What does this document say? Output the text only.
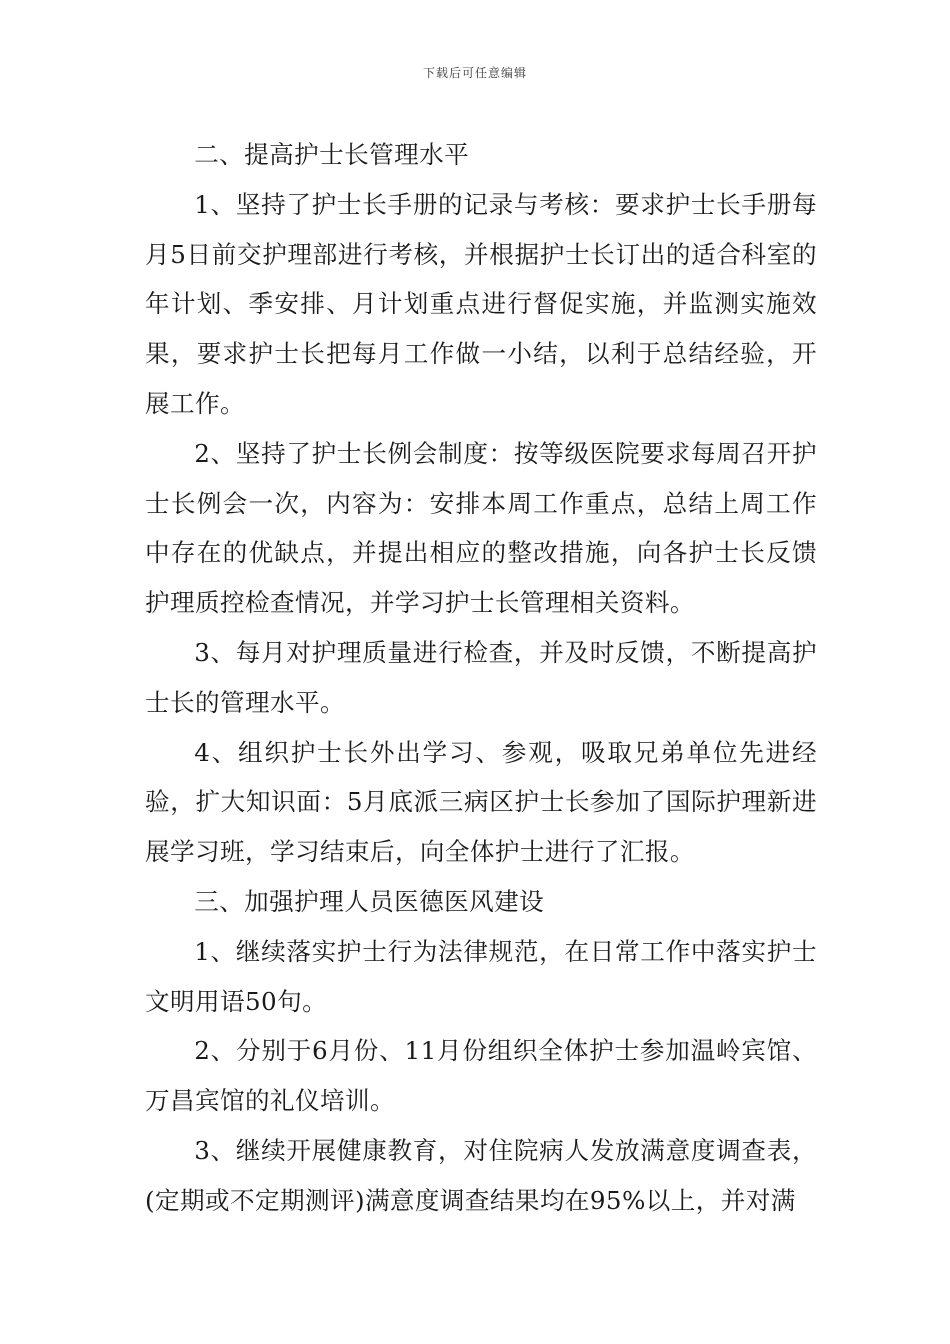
下载后可任意编辑

二、提高护士长管理水平

1、坚持了护士长手册的记录与考核：要求护士长手册每月5日前交护理部进行考核，并根据护士长订出的适合科室的年计划、季安排、月计划重点进行督促实施，并监测实施效果，要求护士长把每月工作做一小结，以利于总结经验，开展工作。

2、坚持了护士长例会制度：按等级医院要求每周召开护士长例会一次，内容为：安排本周工作重点，总结上周工作中存在的优缺点，并提出相应的整改措施，向各护士长反馈护理质控检查情况，并学习护士长管理相关资料。

3、每月对护理质量进行检查，并及时反馈，不断提高护士长的管理水平。

4、组织护士长外出学习、参观，吸取兄弟单位先进经验，扩大知识面：5月底派三病区护士长参加了国际护理新进展学习班，学习结束后，向全体护士进行了汇报。

三、加强护理人员医德医风建设

1、继续落实护士行为法律规范，在日常工作中落实护士文明用语50句。

2、分别于6月份、11月份组织全体护士参加温岭宾馆、万昌宾馆的礼仪培训。

3、继续开展健康教育，对住院病人发放满意度调查表，(定期或不定期测评)满意度调查结果均在95%以上，并对满
